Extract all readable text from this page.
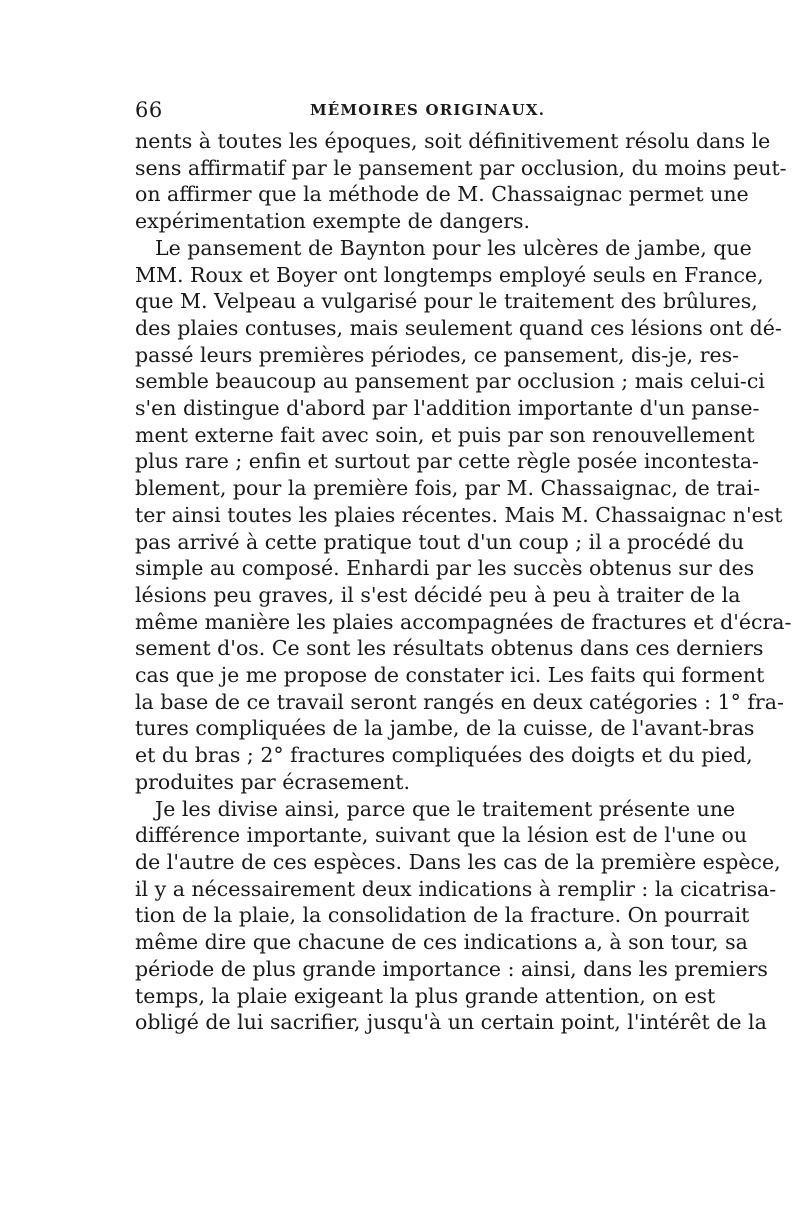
66	MÉMOIRES ORIGINAUX.
nents à toutes les époques, soit définitivement résolu dans le
sens affirmatif par le pansement par occlusion, du moins peut-
on affirmer que la méthode de M. Chassaignac permet une
expérimentation exempte de dangers.
Le pansement de Baynton pour les ulcères de jambe, que
MM. Roux et Boyer ont longtemps employé seuls en France,
que M. Velpeau a vulgarisé pour le traitement des brûlures,
des plaies contuses, mais seulement quand ces lésions ont dé-
passé leurs premières périodes, ce pansement, dis-je, res-
semble beaucoup au pansement par occlusion ; mais celui-ci
s'en distingue d'abord par l'addition importante d'un panse-
ment externe fait avec soin, et puis par son renouvellement
plus rare ; enfin et surtout par cette règle posée incontesta-
blement, pour la première fois, par M. Chassaignac, de trai-
ter ainsi toutes les plaies récentes. Mais M. Chassaignac n'est
pas arrivé à cette pratique tout d'un coup ; il a procédé du
simple au composé. Enhardi par les succès obtenus sur des
lésions peu graves, il s'est décidé peu à peu à traiter de la
même manière les plaies accompagnées de fractures et d'écra-
sement d'os. Ce sont les résultats obtenus dans ces derniers
cas que je me propose de constater ici. Les faits qui forment
la base de ce travail seront rangés en deux catégories : 1° fra-
tures compliquées de la jambe, de la cuisse, de l'avant-bras
et du bras ; 2° fractures compliquées des doigts et du pied,
produites par écrasement.
Je les divise ainsi, parce que le traitement présente une
différence importante, suivant que la lésion est de l'une ou
de l'autre de ces espèces. Dans les cas de la première espèce,
il y a nécessairement deux indications à remplir : la cicatrisa-
tion de la plaie, la consolidation de la fracture. On pourrait
même dire que chacune de ces indications a, à son tour, sa
période de plus grande importance : ainsi, dans les premiers
temps, la plaie exigeant la plus grande attention, on est
obligé de lui sacrifier, jusqu'à un certain point, l'intérêt de la
